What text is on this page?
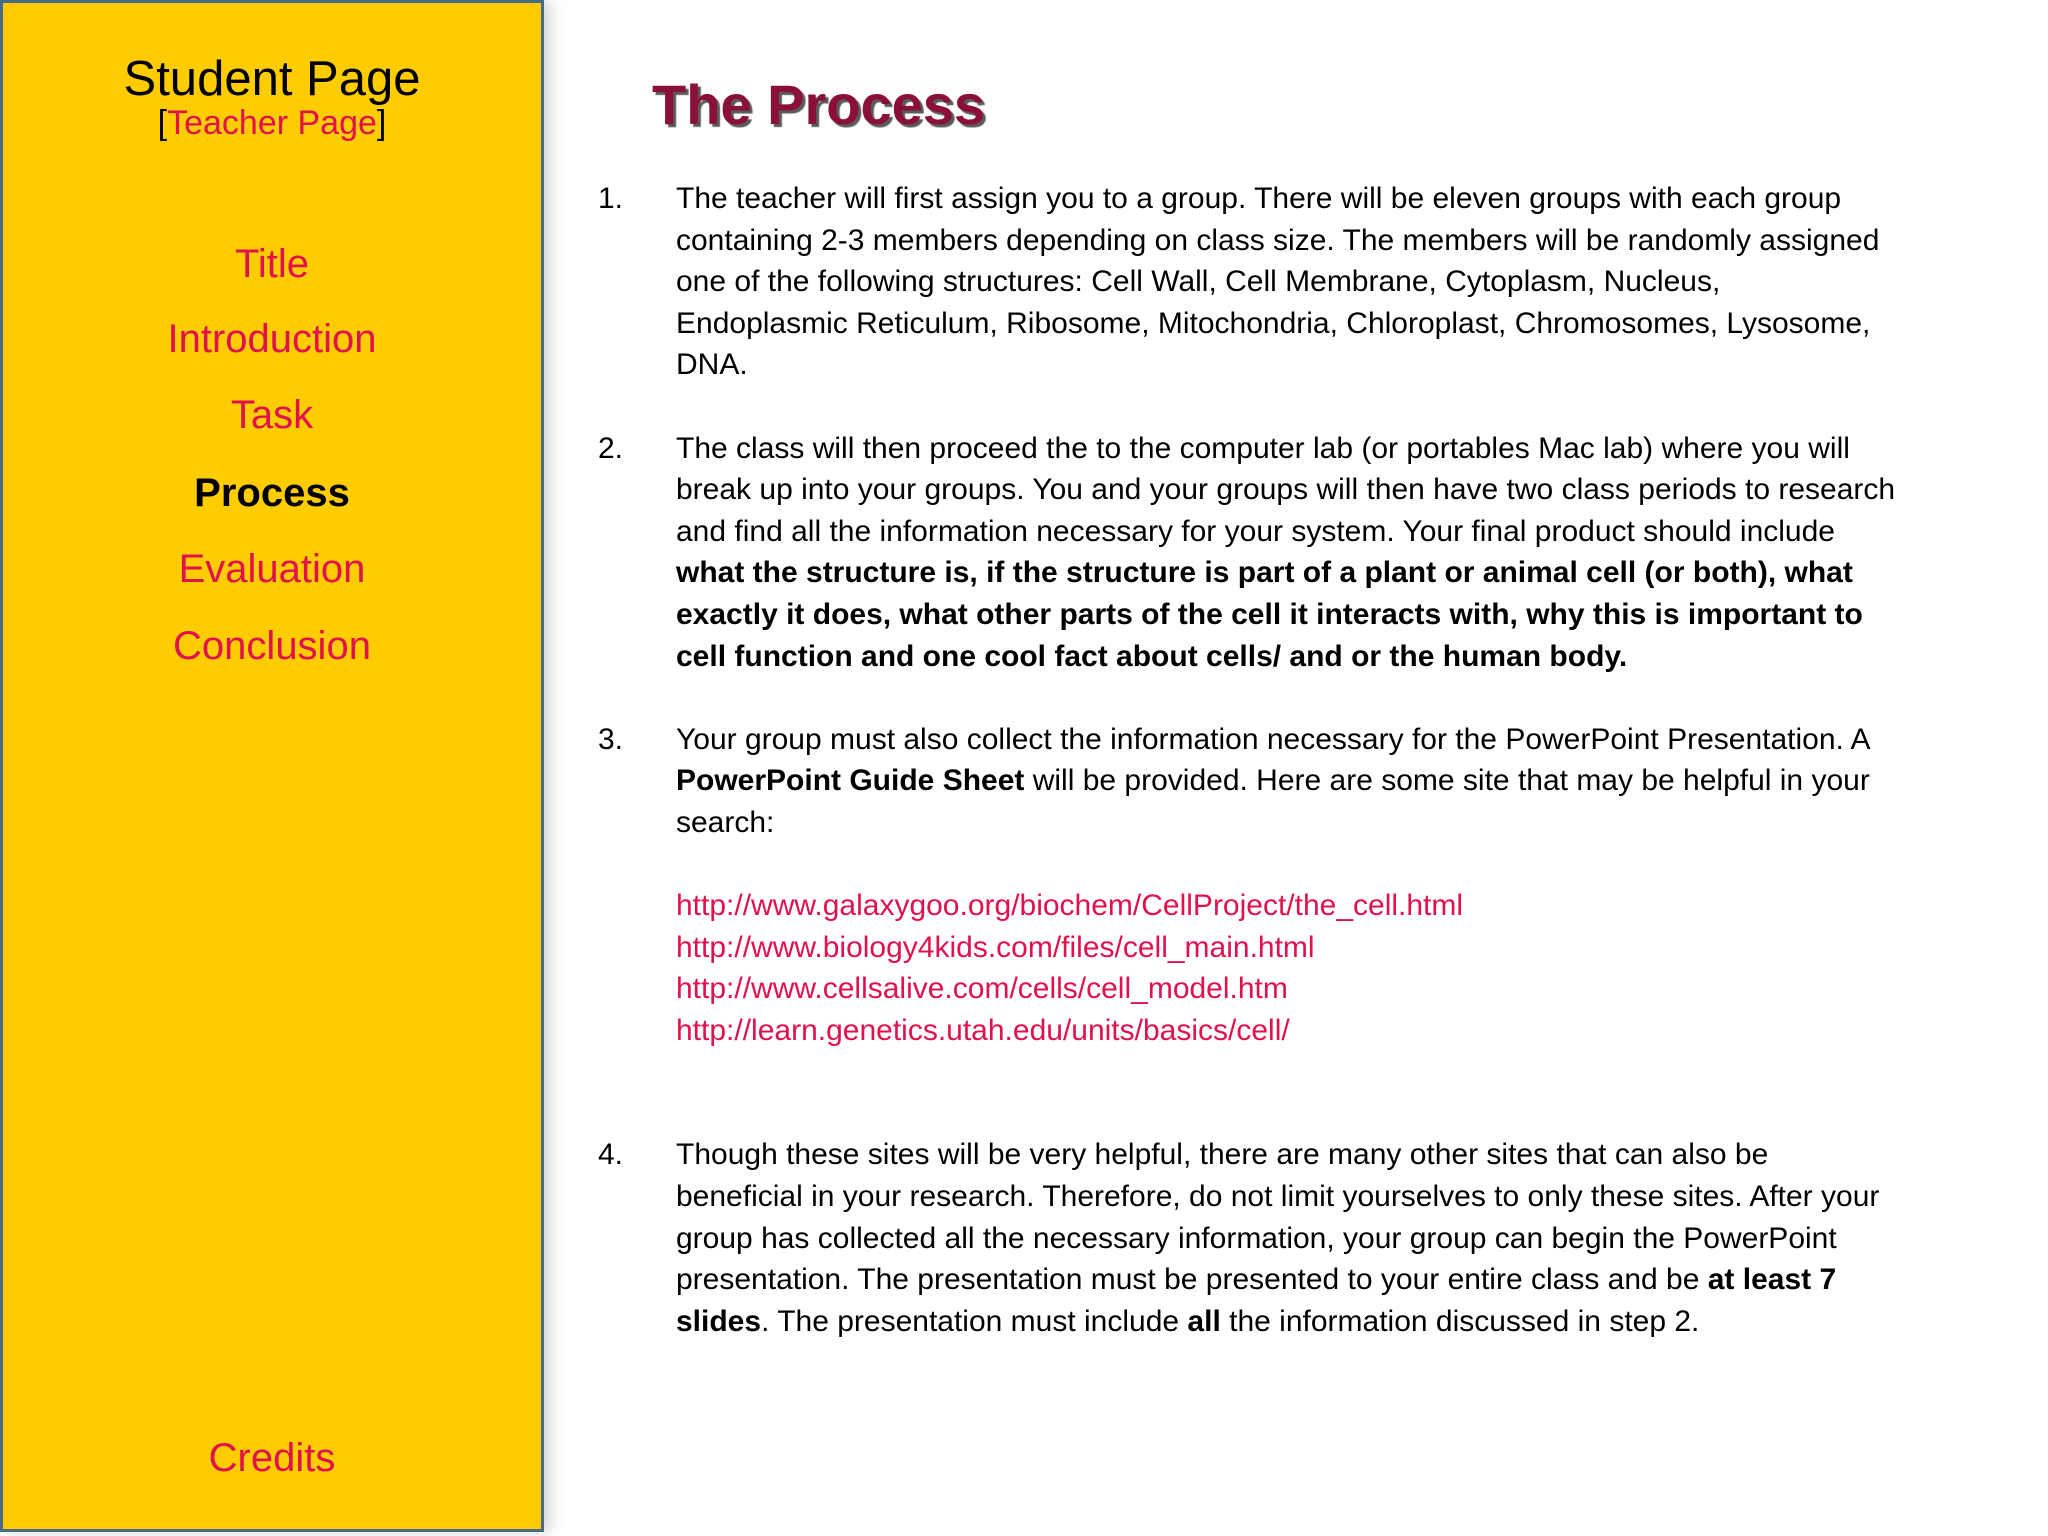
Student Page
[Teacher Page]
Title
Introduction
Task
Process
Evaluation
Conclusion
Credits
The Process
1. The teacher will first assign you to a group. There will be eleven groups with each group containing 2-3 members depending on class size. The members will be randomly assigned one of the following structures: Cell Wall, Cell Membrane, Cytoplasm, Nucleus, Endoplasmic Reticulum, Ribosome, Mitochondria, Chloroplast, Chromosomes, Lysosome, DNA.

2. The class will then proceed the to the computer lab (or portables Mac lab) where you will break up into your groups. You and your groups will then have two class periods to research and find all the information necessary for your system. Your final product should include what the structure is, if the structure is part of a plant or animal cell (or both), what exactly it does, what other parts of the cell it interacts with, why this is important to cell function and one cool fact about cells/ and or the human body.

3. Your group must also collect the information necessary for the PowerPoint Presentation. A PowerPoint Guide Sheet will be provided. Here are some site that may be helpful in your search:

http://www.galaxygoo.org/biochem/CellProject/the_cell.html
http://www.biology4kids.com/files/cell_main.html
http://www.cellsalive.com/cells/cell_model.htm
http://learn.genetics.utah.edu/units/basics/cell/
4. Though these sites will be very helpful, there are many other sites that can also be beneficial in your research. Therefore, do not limit yourselves to only these sites. After your group has collected all the necessary information, your group can begin the PowerPoint presentation. The presentation must be presented to your entire class and be at least 7 slides. The presentation must include all the information discussed in step 2.
